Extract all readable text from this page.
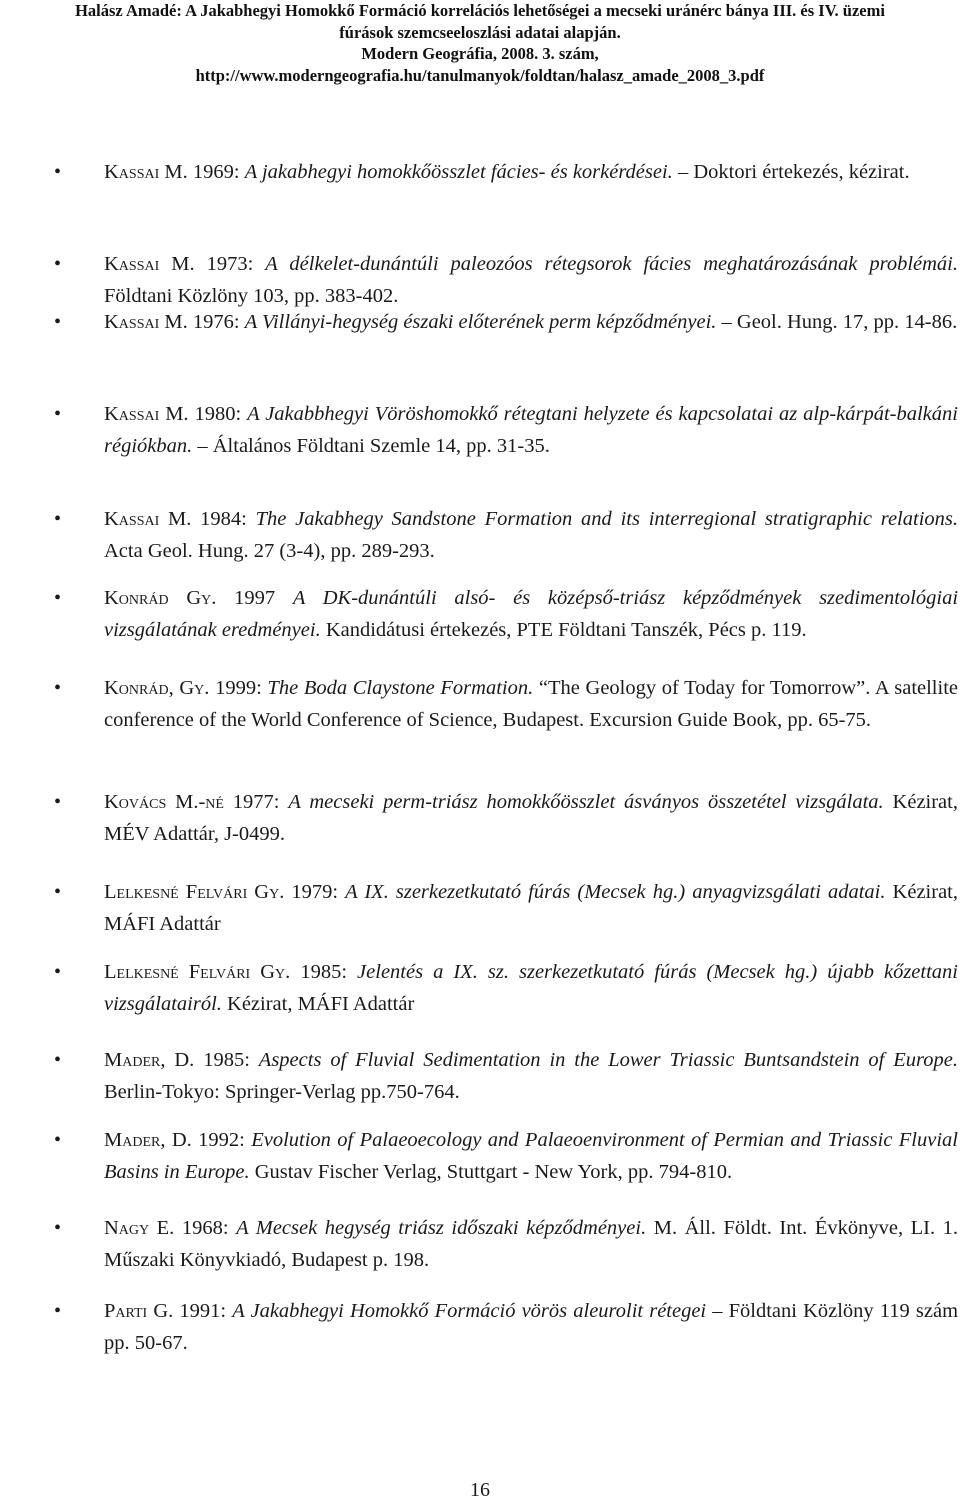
Halász Amadé: A Jakabhegyi Homokkő Formáció korrelációs lehetőségei a mecseki uránérc bánya III. és IV. üzemi
fúrások szemcseeloszlási adatai alapján.
Modern Geográfia, 2008. 3. szám,
http://www.moderngeografia.hu/tanulmanyok/foldtan/halasz_amade_2008_3.pdf
• Kassai M. 1969: A jakabhegyi homokkőösszlet fácies- és korkérdései. – Doktori értekezés, kézirat.
• Kassai M. 1973: A délkelet-dunántúli paleozóos rétegsorok fácies meghatározásának problémái. Földtani Közlöny 103, pp. 383-402.
• Kassai M. 1976: A Villányi-hegység északi előterének perm képződményei. – Geol. Hung. 17, pp. 14-86.
• Kassai M. 1980: A Jakabbhegyi Vöröshomokkő rétegtani helyzete és kapcsolatai az alp-kárpát-balkáni régiókban. – Általános Földtani Szemle 14, pp. 31-35.
• Kassai M. 1984: The Jakabhegy Sandstone Formation and its interregional stratigraphic relations. Acta Geol. Hung. 27 (3-4), pp. 289-293.
• Konrád Gy. 1997 A DK-dunántúli alsó- és középső-triász képződmények szedimentológiai vizsgálatának eredményei. Kandidátusi értekezés, PTE Földtani Tanszék, Pécs p. 119.
• Konrád, Gy. 1999: The Boda Claystone Formation. “The Geology of Today for Tomorrow”. A satellite conference of the World Conference of Science, Budapest. Excursion Guide Book, pp. 65-75.
• Kovács M.-né 1977: A mecseki perm-triász homokkőösszlet ásványos összetétel vizsgálata. Kézirat, MÉV Adattár, J-0499.
• Lelkesné Felvári Gy. 1979: A IX. szerkezetkutató fúrás (Mecsek hg.) anyagvizsgálati adatai. Kézirat, MÁFI Adattár
• Lelkesné Felvári Gy. 1985: Jelentés a IX. sz. szerkezetkutató fúrás (Mecsek hg.) újabb kőzettani vizsgálatairól. Kézirat, MÁFI Adattár
• Mader, D. 1985: Aspects of Fluvial Sedimentation in the Lower Triassic Buntsandstein of Europe. Berlin-Tokyo: Springer-Verlag pp.750-764.
• Mader, D. 1992: Evolution of Palaeoecology and Palaeoenvironment of Permian and Triassic Fluvial Basins in Europe. Gustav Fischer Verlag, Stuttgart - New York, pp. 794-810.
• Nagy E. 1968: A Mecsek hegység triász időszaki képződményei. M. Áll. Földt. Int. Évkönyve, LI. 1. Műszaki Könyvkiadó, Budapest p. 198.
• Parti G. 1991: A Jakabhegyi Homokkő Formáció vörös aleurolit rétegei – Földtani Közlöny 119 szám pp. 50-67.
16
